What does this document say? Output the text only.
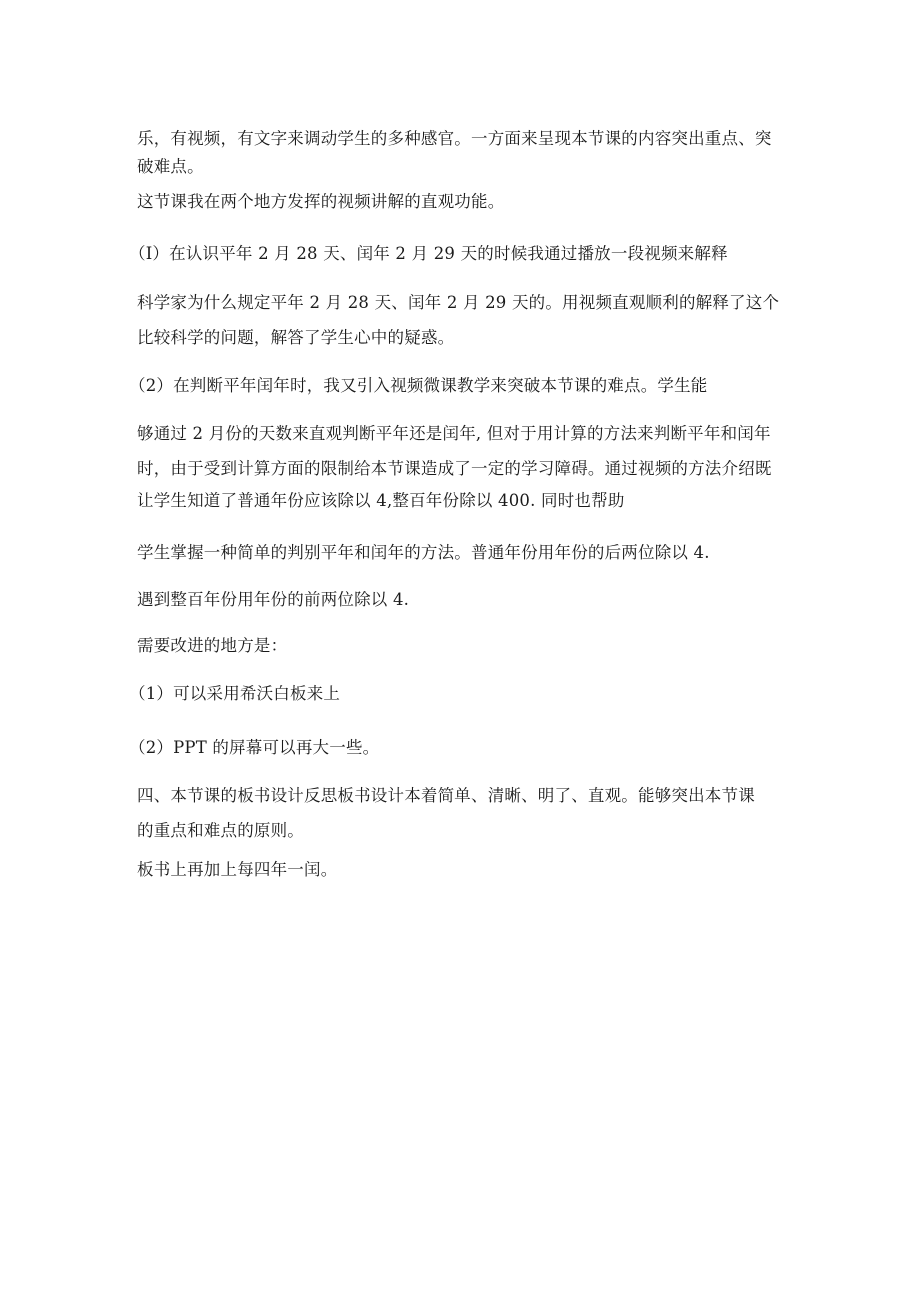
乐，有视频，有文字来调动学生的多种感官。一方面来呈现本节课的内容突出重点、突
破难点。
这节课我在两个地方发挥的视频讲解的直观功能。
（I）在认识平年 2 月 28 天、闰年 2 月 29 天的时候我通过播放一段视频来解释
科学家为什么规定平年 2 月 28 天、闰年 2 月 29 天的。用视频直观顺利的解释了这个
比较科学的问题，解答了学生心中的疑惑。
（2）在判断平年闰年时，我又引入视频微课教学来突破本节课的难点。学生能
够通过 2 月份的天数来直观判断平年还是闰年, 但对于用计算的方法来判断平年和闰年
时，由于受到计算方面的限制给本节课造成了一定的学习障碍。通过视频的方法介绍既
让学生知道了普通年份应该除以 4,整百年份除以 400. 同时也帮助
学生掌握一种简单的判别平年和闰年的方法。普通年份用年份的后两位除以 4.
遇到整百年份用年份的前两位除以 4.
需要改进的地方是：
（1）可以采用希沃白板来上
（2）PPT 的屏幕可以再大一些。
四、本节课的板书设计反思板书设计本着简单、清晰、明了、直观。能够突出本节课
的重点和难点的原则。
板书上再加上每四年一闰。
